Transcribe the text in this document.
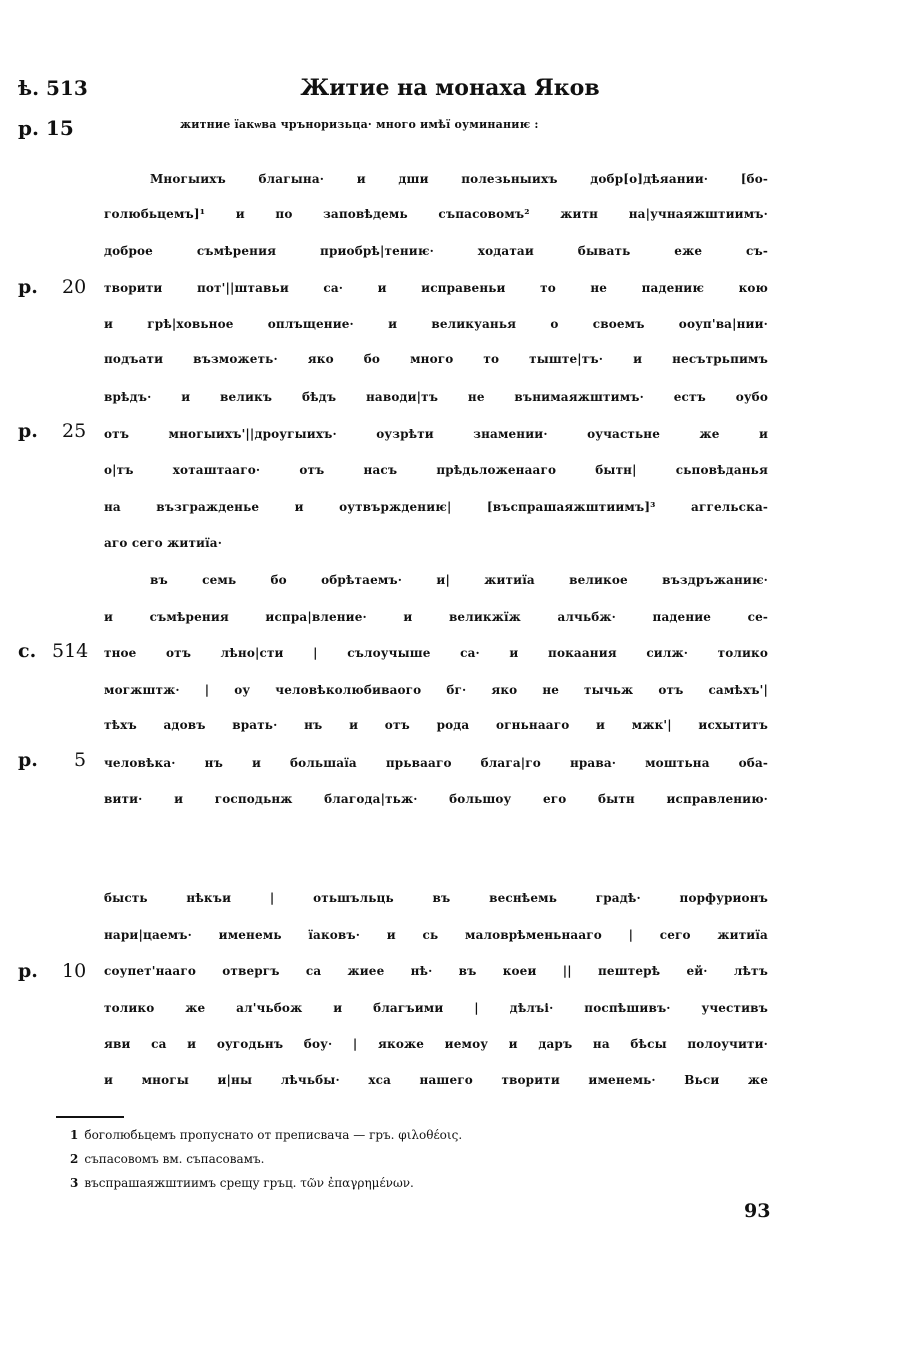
ѣ. 513	Житие на монаха Яков
р. 15	житние їакѡва чръноризьца· много имѣї оуминаниѥ :
Многыихъ благына· и дши полезьныихъ добр[о]дѣяании· [бо-
голюбьцемъ]¹ и по заповѣдемь съпасовомъ² житн на|учнаяжштиимъ·
доброе съмѣрения приобрѣ|тениѥ· ходатаи бывать еже съ-
творити пот'||штавьи са· и исправеньи то не падениѥ кою
и грѣ|ховьное оплъщение· и великуанья о своемъ ооуп'ва|нии·
подъати възможеть· яко бо много то тыште|тъ· и несътрьпимъ
врѣдъ· и великъ бѣдъ наводи|тъ не вънимаяжштимъ· естъ оубо
отъ многыихъ'||дроугыихъ· оузрѣти знамении· оучастьне же и
о|тъ хоташтааго· отъ насъ прѣдьложенааго бытн| сьповѣданья
на възгражденье и оутвърждениѥ| [въспрашаяжштиимъ]³ аггельска-
аго сего житиїа·
въ семь бо обрѣтаемъ· и| житиїа великое въздръжаниѥ·
и съмѣрения испра|вление· и великжїж алчьбж· падение се-
тное отъ лѣно|сти | сълоучыше са· и покаания силж· толико
могжштж· | оу человѣколюбиваого бг· яко не тычьж отъ самѣхъ'|
тѣхъ адовъ врать· нъ и отъ рода огньнааго и мжк'| исхытитъ
человѣка· нъ и большаїа прьвааго блага|го нрава· моштьна оба-
вити· и господьнж благода|тьж· большоу его бытн исправлению·
бысть нѣкъи | отьшъльць въ веснѣемь градѣ· порфурионъ
нари|цаемъ· именемь їаковъ· и сь маловрѣменьнааго | сего житиїа
соупет'нааго отвергъ са жиее нѣ· въ коеи || пештерѣ ей· лѣтъ
толико же ал'чьбож и благъими | дѣлъі· поспѣшивъ· учестивъ
яви са и оугодьнъ боу· | якоже иемоу и даръ на бѣсы полоучити·
и многы и|ны лѣчьбы· хса нашего творити именемь· Вьси же
р. 20
р. 25
с. 514
р. 5
р. 10
1 боголюбьцемъ пропуснато от преписвача — гръ. φιλοθέοις.
2 съпасовомъ вм. съпасовамъ.
3 въспрашаяжштиимъ срещу гръц. τῶν ἐπαγρημένων.
93
